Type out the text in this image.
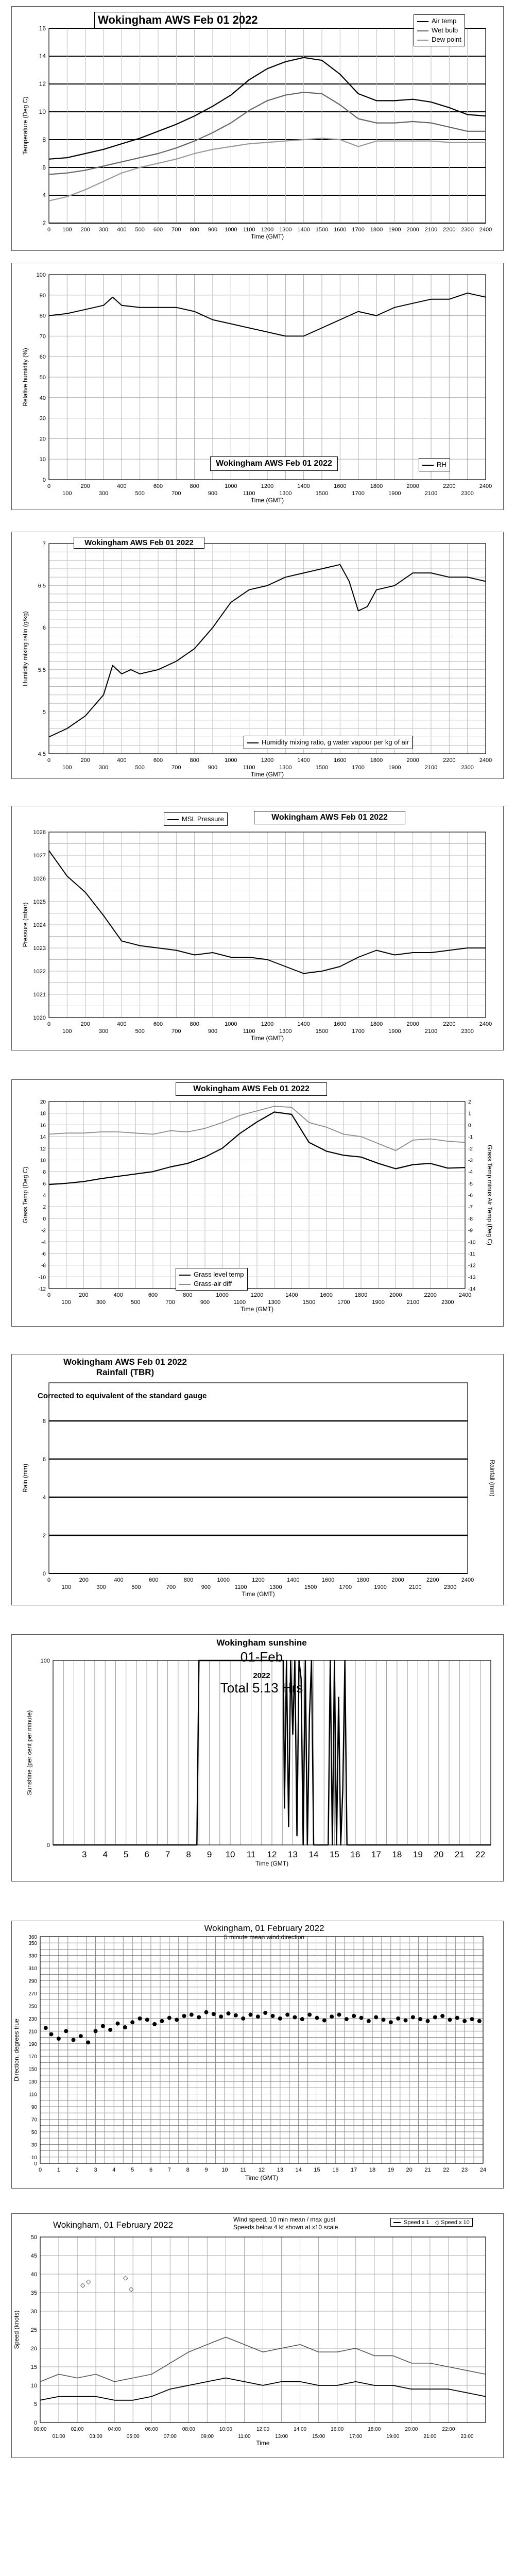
2
4
6
8
10
12
14
16
0 100 200 300 400 500 600 700 800 900 1000 1100 1200 1300 1400 1500 1600 1700 1800 1900 2000 2100 2200 2300 2400
Time (GMT)
Temperature (Deg C)
Wokingham AWS Feb 01 2022	Air temp
Wet bulb
Dew point
0
10
20
30
40
50
60
70
80
90
100
0	200	400	600	800	1000	1200	1400	1600	1800	2000	2200	2400
100	300	500	700	900	1100	1300	1500	1700	1900	2100	2300
Time (GMT)
Relative humidity (%)
Wokingham AWS Feb 01 2022	RH
4.5
5
5.5
6
6.5
7
0	200	400	600	800	1000	1200	1400	1600	1800	2000	2200	2400
100	300	500	700	900	1100	1300	1500	1700	1900	2100	2300
Time (GMT)
Humidity mixing ratio (g/kg)
Wokingham AWS Feb 01 2022
Humidity mixing ratio, g water vapour per kg of air
1020
1021
1022
1023
1024
1025
1026
1027
1028
0	200	400	600	800	1000	1200	1400	1600	1800	2000	2200	2400
100	300	500	700	900	1100	1300	1500	1700	1900	2100	2300
Time (GMT)
Pressure (mbar)
MSL Pressure	Wokingham AWS Feb 01 2022
-12
-10
-8
-6
-4
-2
0
2
4
6
8
10
12
14
16
18
20
-14
-13
-12
-11
-10
-9
-8
-7
-6
-5
-4
-3
-2
-1
0
1
2
0	200	400	600	800	1000	1200	1400	1600	1800	2000	2200	2400
100	300	500	700	900	1100	1300	1500	1700	1900	2100	2300
Time (GMT)
Grass Temp (Deg C)	Grass Temp minus Air Temp (Deg C)
Wokingham AWS Feb 01 2022
Grass level temp
Grass-air diff
0
2
4
6
8
0	200	400	600	800	1000	1200	1400	1600	1800	2000	2200	2400
100	300	500	700	900	1100	1300	1500	1700	1900	2100	2300
Time (GMT)
Rain (mm)	Rainfall (mm)
Wokingham AWS Feb 01 2022
Rainfall (TBR)
Corrected to equivalent of the standard gauge
0
100
3 4 5 6 7 8 9 10 11 12 13 14 15 16 17 18 19 20 21 22
Time (GMT)
Sunshine (per cent per minute)
Wokingham sunshine
01-Feb
2022
Total 5.13 Hrs
0
10
30
50
70
90
110
130
150
170
190
210
230
250
270
290
310
330
350
360
0	1	2	3	4	5	6	7	8	9 10 11 12 13 14 15 16 17 18 19 20 21 22 23 24
Time (GMT)
Direction, degrees true
Wokingham, 01 February 2022
5 minute mean wind direction
◇
◇
◇
◇
0
5
10
15
20
25
30
35
40
45
50
00:00	02:00	04:00	06:00	08:00	10:00	12:00	14:00	16:00	18:00	20:00	22:00
01:00	03:00	05:00	07:00	09:00	11:00	13:00	15:00	17:00	19:00	21:00	23:00
Time
Speed (knots)
Wokingham, 01 February 2022
Wind speed, 10 min mean / max gust
Speeds below 4 kt shown at x10 scale
Speed x 1 ◇ Speed x 10
